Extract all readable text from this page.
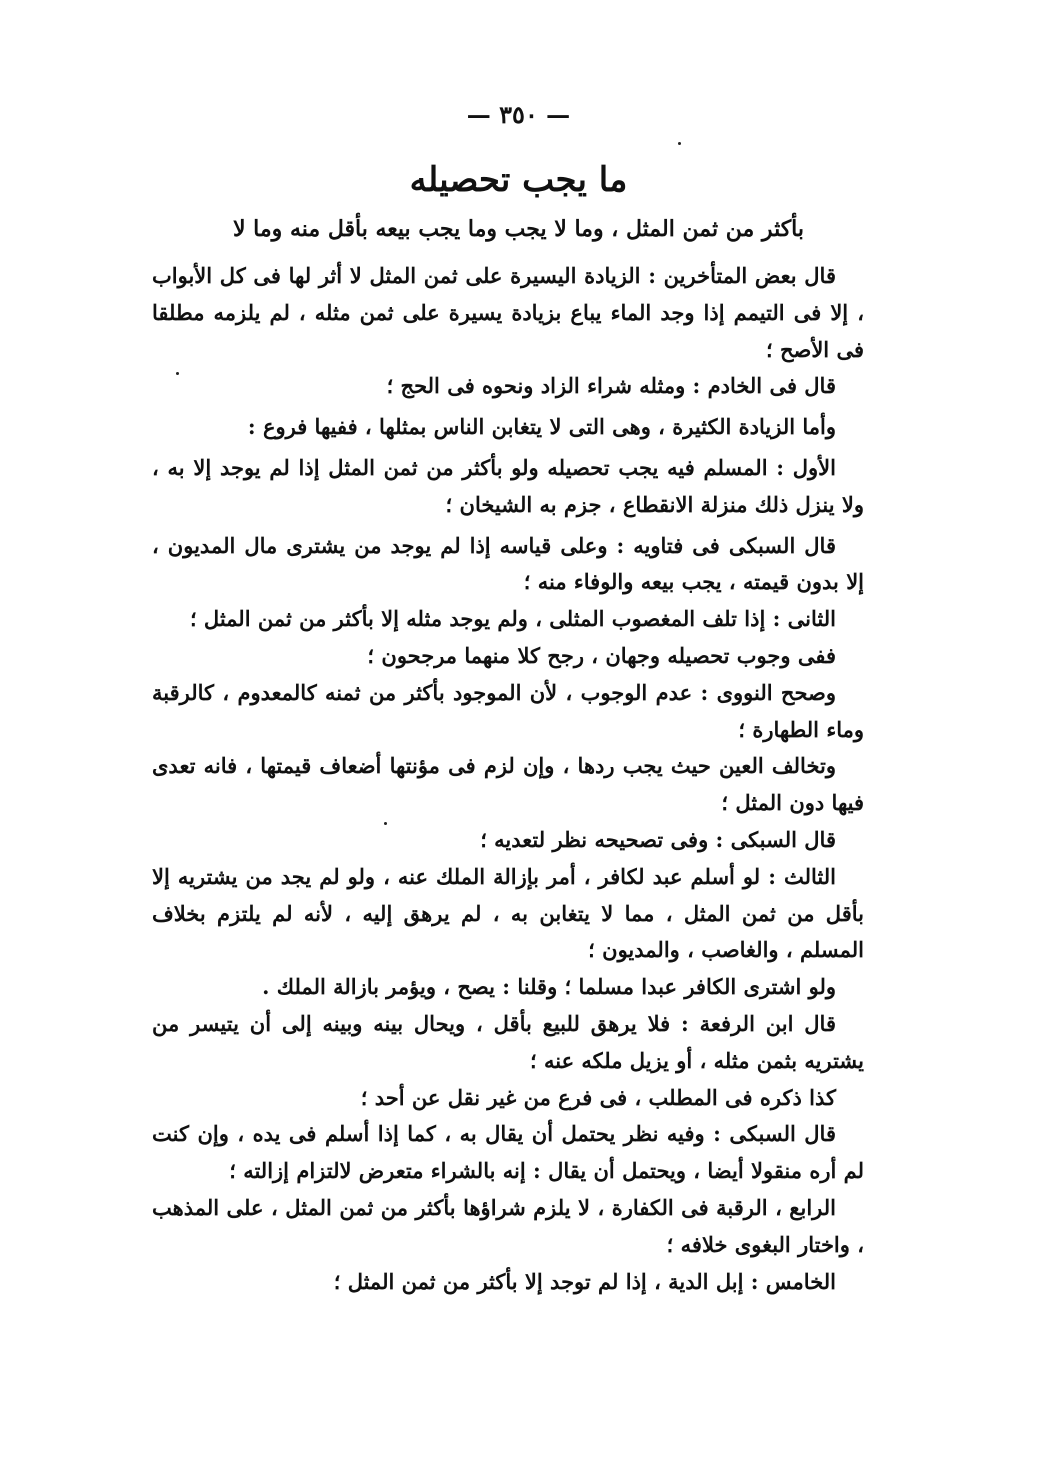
— ٣٥٠ —
ما يجب تحصيله
بأكثر من ثمن المثل ، وما لا يجب وما يجب بيعه بأقل منه وما لا

قال بعض المتأخرين : الزيادة اليسيرة على ثمن المثل لا أثر لها فى كل الأبواب ، إلا فى التيمم إذا وجد الماء يباع بزيادة يسيرة على ثمن مثله ، لم يلزمه مطلقا فى الأصح ؛

قال فى الخادم : ومثله شراء الزاد ونحوه فى الحج ؛

وأما الزيادة الكثيرة ، وهى التى لا يتغابن الناس بمثلها ، ففيها فروع :

الأول : المسلم فيه يجب تحصيله ولو بأكثر من ثمن المثل إذا لم يوجد إلا به ، ولا ينزل ذلك منزلة الانقطاع ، جزم به الشيخان ؛

قال السبكى فى فتاويه : وعلى قياسه إذا لم يوجد من يشترى مال المديون ، إلا بدون قيمته ، يجب بيعه والوفاء منه ؛

الثانى : إذا تلف المغصوب المثلى ، ولم يوجد مثله إلا بأكثر من ثمن المثل ؛

ففى وجوب تحصيله وجهان ، رجح كلا منهما مرجحون ؛

وصحح النووى : عدم الوجوب ، لأن الموجود بأكثر من ثمنه كالمعدوم ، كالرقبة وماء الطهارة ؛

وتخالف العين حيث يجب ردها ، وإن لزم فى مؤنتها أضعاف قيمتها ، فانه تعدى فيها دون المثل ؛

قال السبكى : وفى تصحيحه نظر لتعديه ؛

الثالث : لو أسلم عبد لكافر ، أمر بإزالة الملك عنه ، ولو لم يجد من يشتريه إلا بأقل من ثمن المثل ، مما لا يتغابن به ، لم يرهق إليه ، لأنه لم يلتزم بخلاف المسلم ، والغاصب ، والمديون ؛

ولو اشترى الكافر عبدا مسلما ؛ وقلنا : يصح ، ويؤمر بازالة الملك .

قال ابن الرفعة : فلا يرهق للبيع بأقل ، ويحال بينه وبينه إلى أن يتيسر من يشتريه بثمن مثله ، أو يزيل ملكه عنه ؛

كذا ذكره فى المطلب ، فى فرع من غير نقل عن أحد ؛

قال السبكى : وفيه نظر يحتمل أن يقال به ، كما إذا أسلم فى يده ، وإن كنت لم أره منقولا أيضا ، ويحتمل أن يقال : إنه بالشراء متعرض لالتزام إزالته ؛

الرابع ، الرقبة فى الكفارة ، لا يلزم شراؤها بأكثر من ثمن المثل ، على المذهب ، واختار البغوى خلافه ؛

الخامس : إبل الدية ، إذا لم توجد إلا بأكثر من ثمن المثل ؛
